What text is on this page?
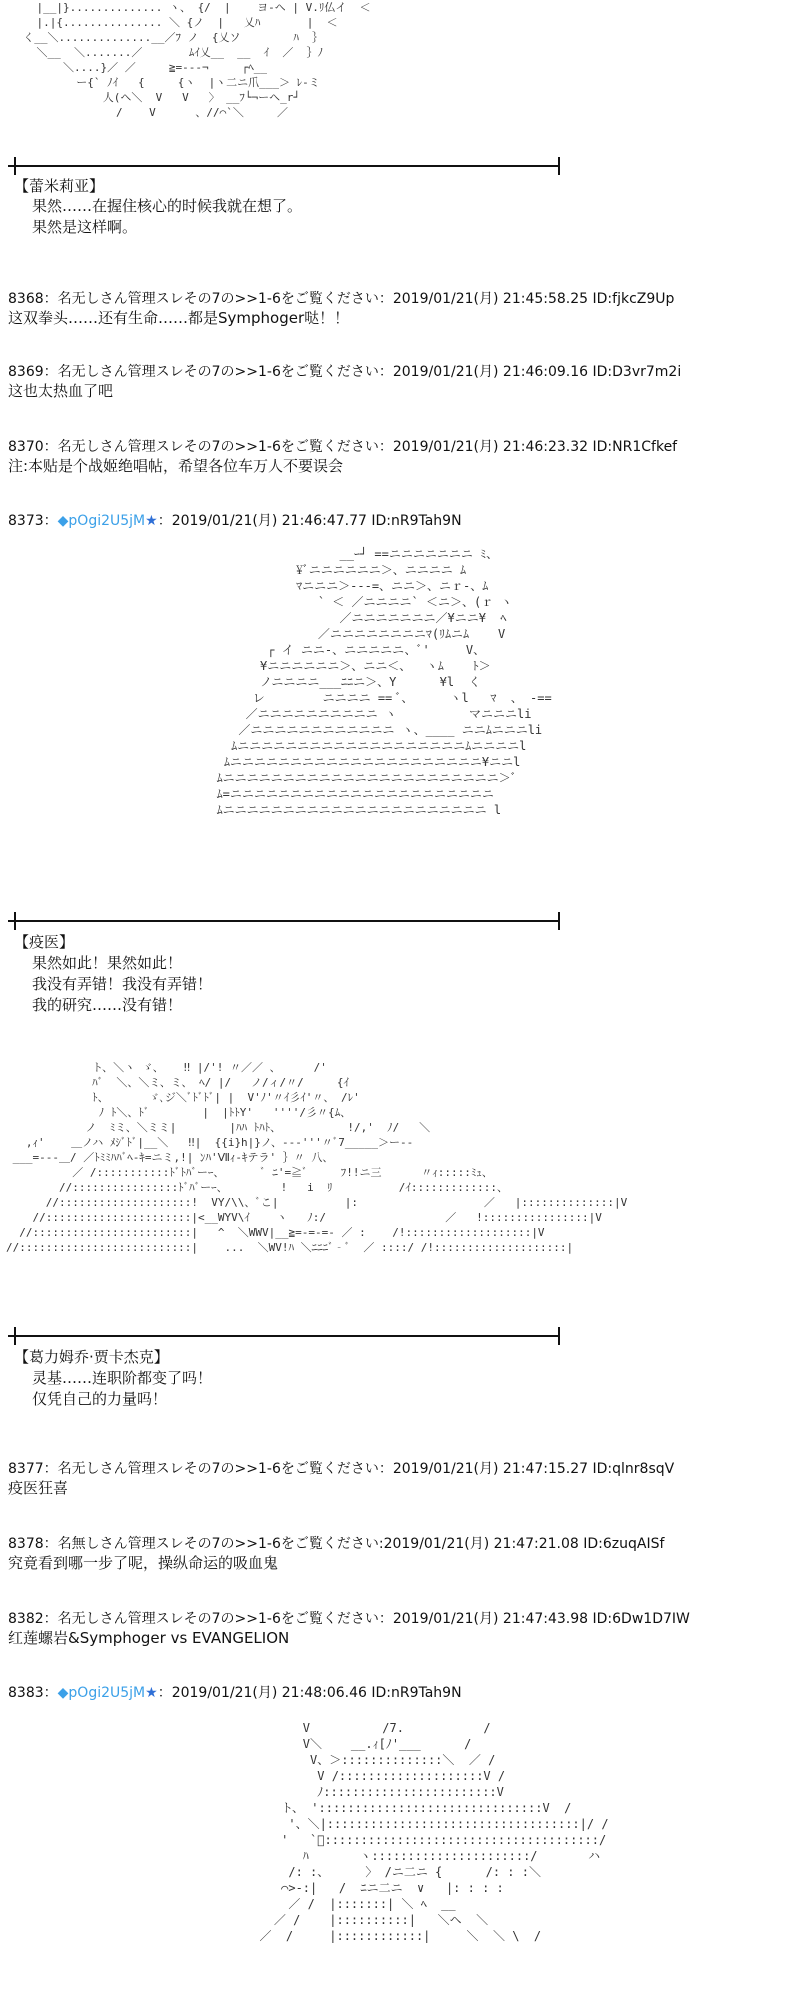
|__|}.............. ヽ、 {/  |    ヨ‐ヘ | V.ﾘ仏イ  ＜
|.|{............... ＼ {ノ  |   乂ﾊ       |  ＜
く__＼..............__／ﾌ ノ  {乂ソ        ﾊ  ｝
＼__  ＼.......／       ﾑｲ乂__  __  ｲ  ／  ｝ﾉ
＼....}／ ／     ≧=‐-‐¬     ┌ﾍ__
ー{` ﾉｲ   {     {ヽ  |ヽ二ニ爪___＞ ﾚ‐ミ
人(ヘ＼  V   V   〉 __ﾌ└¬ーヘ_r┘
/    V      、//⌒`＼     ／
【蕾米莉亚】
果然……在握住核心的时候我就在想了。
果然是这样啊。
8368：名无しさん管理スレその7の>>1-6をご覧ください：2019/01/21(月) 21:45:58.25 ID:fjkcZ9Up
这双拳头……还有生命……都是Symphoger哒！！
8369：名无しさん管理スレその7の>>1-6をご覧ください：2019/01/21(月) 21:46:09.16 ID:D3vr7m2i
这也太热血了吧
8370：名无しさん管理スレその7の>>1-6をご覧ください：2019/01/21(月) 21:46:23.32 ID:NR1Cfkef
注:本贴是个战姬绝唱帖，希望各位车万人不要误会
8373：◆pOgi2U5jM★：2019/01/21(月) 21:46:47.77 ID:nR9Tah9N
__ｰ┘ ==ニニニニニニニ ﾐ、
¥ﾞニニニニニニ＞、ニニニニ ﾑ
ﾏニニニ＞‐‐‐=、ニニ＞、ニｒ-、ﾑ
` ＜ ／ニニニニ` ＜ニ＞、(ｒ ヽ
／ニニニニニニニ／¥ニニ¥  ﾍ
／ニニニニニニニニﾏ(ﾘﾑニﾑ    V
┌ イ ニニ-、ニニニニニ、ﾞ'     V、
¥ニニニニニニ＞、ニニ＜、  ヽﾑ    ﾄ＞
ノニニニニ___ﾆﾆニ＞、Y      ¥l  く
レ        ニニニニ == ﾞ、     ヽl   ﾏ  、 -==
／ニニニニニニニニニニ ヽ          マニニニli
／ニニニニニニニニニニニニ ヽ、____ ニニﾑニニニli
ﾑニニニニニニニニニニニニニニニニニニニﾑニニニニl
ﾑニニニニニニニニニニニニニニニニニニニニニ¥ニニl
ﾑニニニニニニニニニニニニニニニニニニニニニニニ＞ﾞ
ﾑ=ニニニニニニニニニニニニニニニニニニニニニニ
ﾑニニニニニニニニニニニニニニニニニニニニニニ l
【疫医】
果然如此！果然如此！
我没有弄错！我没有弄错！
我的研究……没有错！
ト、＼ヽ ゞ、   ‼ |/'! 〃／／ 、     /'
ﾊﾞ  ＼、＼ミ、ミ、 ﾍ/ |/   ノ/ィ/〃/     {ｲ
ﾄ、      ゞ､ジ＼ﾞﾄﾞﾄﾞ| |  V'ﾉ'〃ｲ彡ｲ'〃、 /ﾚ'
ﾉ ﾄ＼、ﾄﾞ        |  |ﾄﾄY'   ''''/彡〃{ﾑ、
ノ  ﾐミ、＼ミミ|        |ﾊﾊ ﾄﾊﾄ、          !/,'  ﾉ/   ＼
,ｨ'    ＿ノハ ﾒｼﾞﾄﾞ|__＼   ‼|  {{i}h|}ノ、---'''〃ﾞ7_____＞ー--
___=‐--＿/ ／ﾄﾐﾐﾊﾊﾞﾍ-ｷ=ニミ,!| ﾝﾊ'Ⅶｨ-ｷテラ' ｝〃 八、
／ /:::::::::::ﾄﾞﾄﾊﾞーｰ、      ﾞ ﾆ'=≧ﾞ     ﾌ!!ニ三      〃ｨ:::::ﾐｭ、
//::::::::::::::::ﾄﾞﾊﾞーｰ、        !   i  ﾘ          /ｲ:::::::::::::、
//::::::::::::::::::::!  VY/\\、ﾞこ|          |:                   ／   |::::::::::::::|V
//::::::::::::::::::::::|<__WYV\ｲ    ヽ   ﾉ:/                  ／   !::::::::::::::::|V
//::::::::::::::::::::::::|   ^  ＼WWV|__≧=‐=‐=‐ ／ :    /!:::::::::::::::::::|V
//::::::::::::::::::::::::::|    ...  ＼WV!ﾊ ＼ﾆﾆﾆﾞ‐ﾞ  ／ ::::/ /!::::::::::::::::::::|
【葛力姆乔·贾卡杰克】
灵基……连职阶都变了吗！
仅凭自己的力量吗！
8377：名无しさん管理スレその7の>>1-6をご覧ください：2019/01/21(月) 21:47:15.27 ID:qlnr8sqV
疫医狂喜
8378：名無しさん管理スレその7の>>1-6をご覧ください:2019/01/21(月) 21:47:21.08 ID:6zuqAISf
究竟看到哪一步了呢，操纵命运的吸血鬼
8382：名无しさん管理スレその7の>>1-6をご覧ください：2019/01/21(月) 21:47:43.98 ID:6Dw1D7IW
红莲螺岩&Symphoger vs EVANGELION
8383：◆pOgi2U5jM★：2019/01/21(月) 21:48:06.46 ID:nR9Tah9N
V          /7.           /
V＼    __.ｨ[ﾉ'___      /
V、＞::::::::::::::＼  ／ /
V /::::::::::::::::::::V /
ﾉ::::::::::::::::::::::::V
ト、 ':::::::::::::::::::::::::::::::V  /
'、＼|:::::::::::::::::::::::::::::::::::|/ /
'   `ﾞ::::::::::::::::::::::::::::::::::::::/
ﾊ       ヽ::::::::::::::::::::::/       ハ
/: :、     〉 /ニ二ニ {      /: : :＼
⌒>‐:|   /  ﾆニ二ニ  ∨   |: : : :
／ /  |:::::::| ＼ ﾍ  __
／ /    |::::::::::|   ＼ヘ  ＼
／  /     |::::::::::::|     ＼  ＼ \  /
